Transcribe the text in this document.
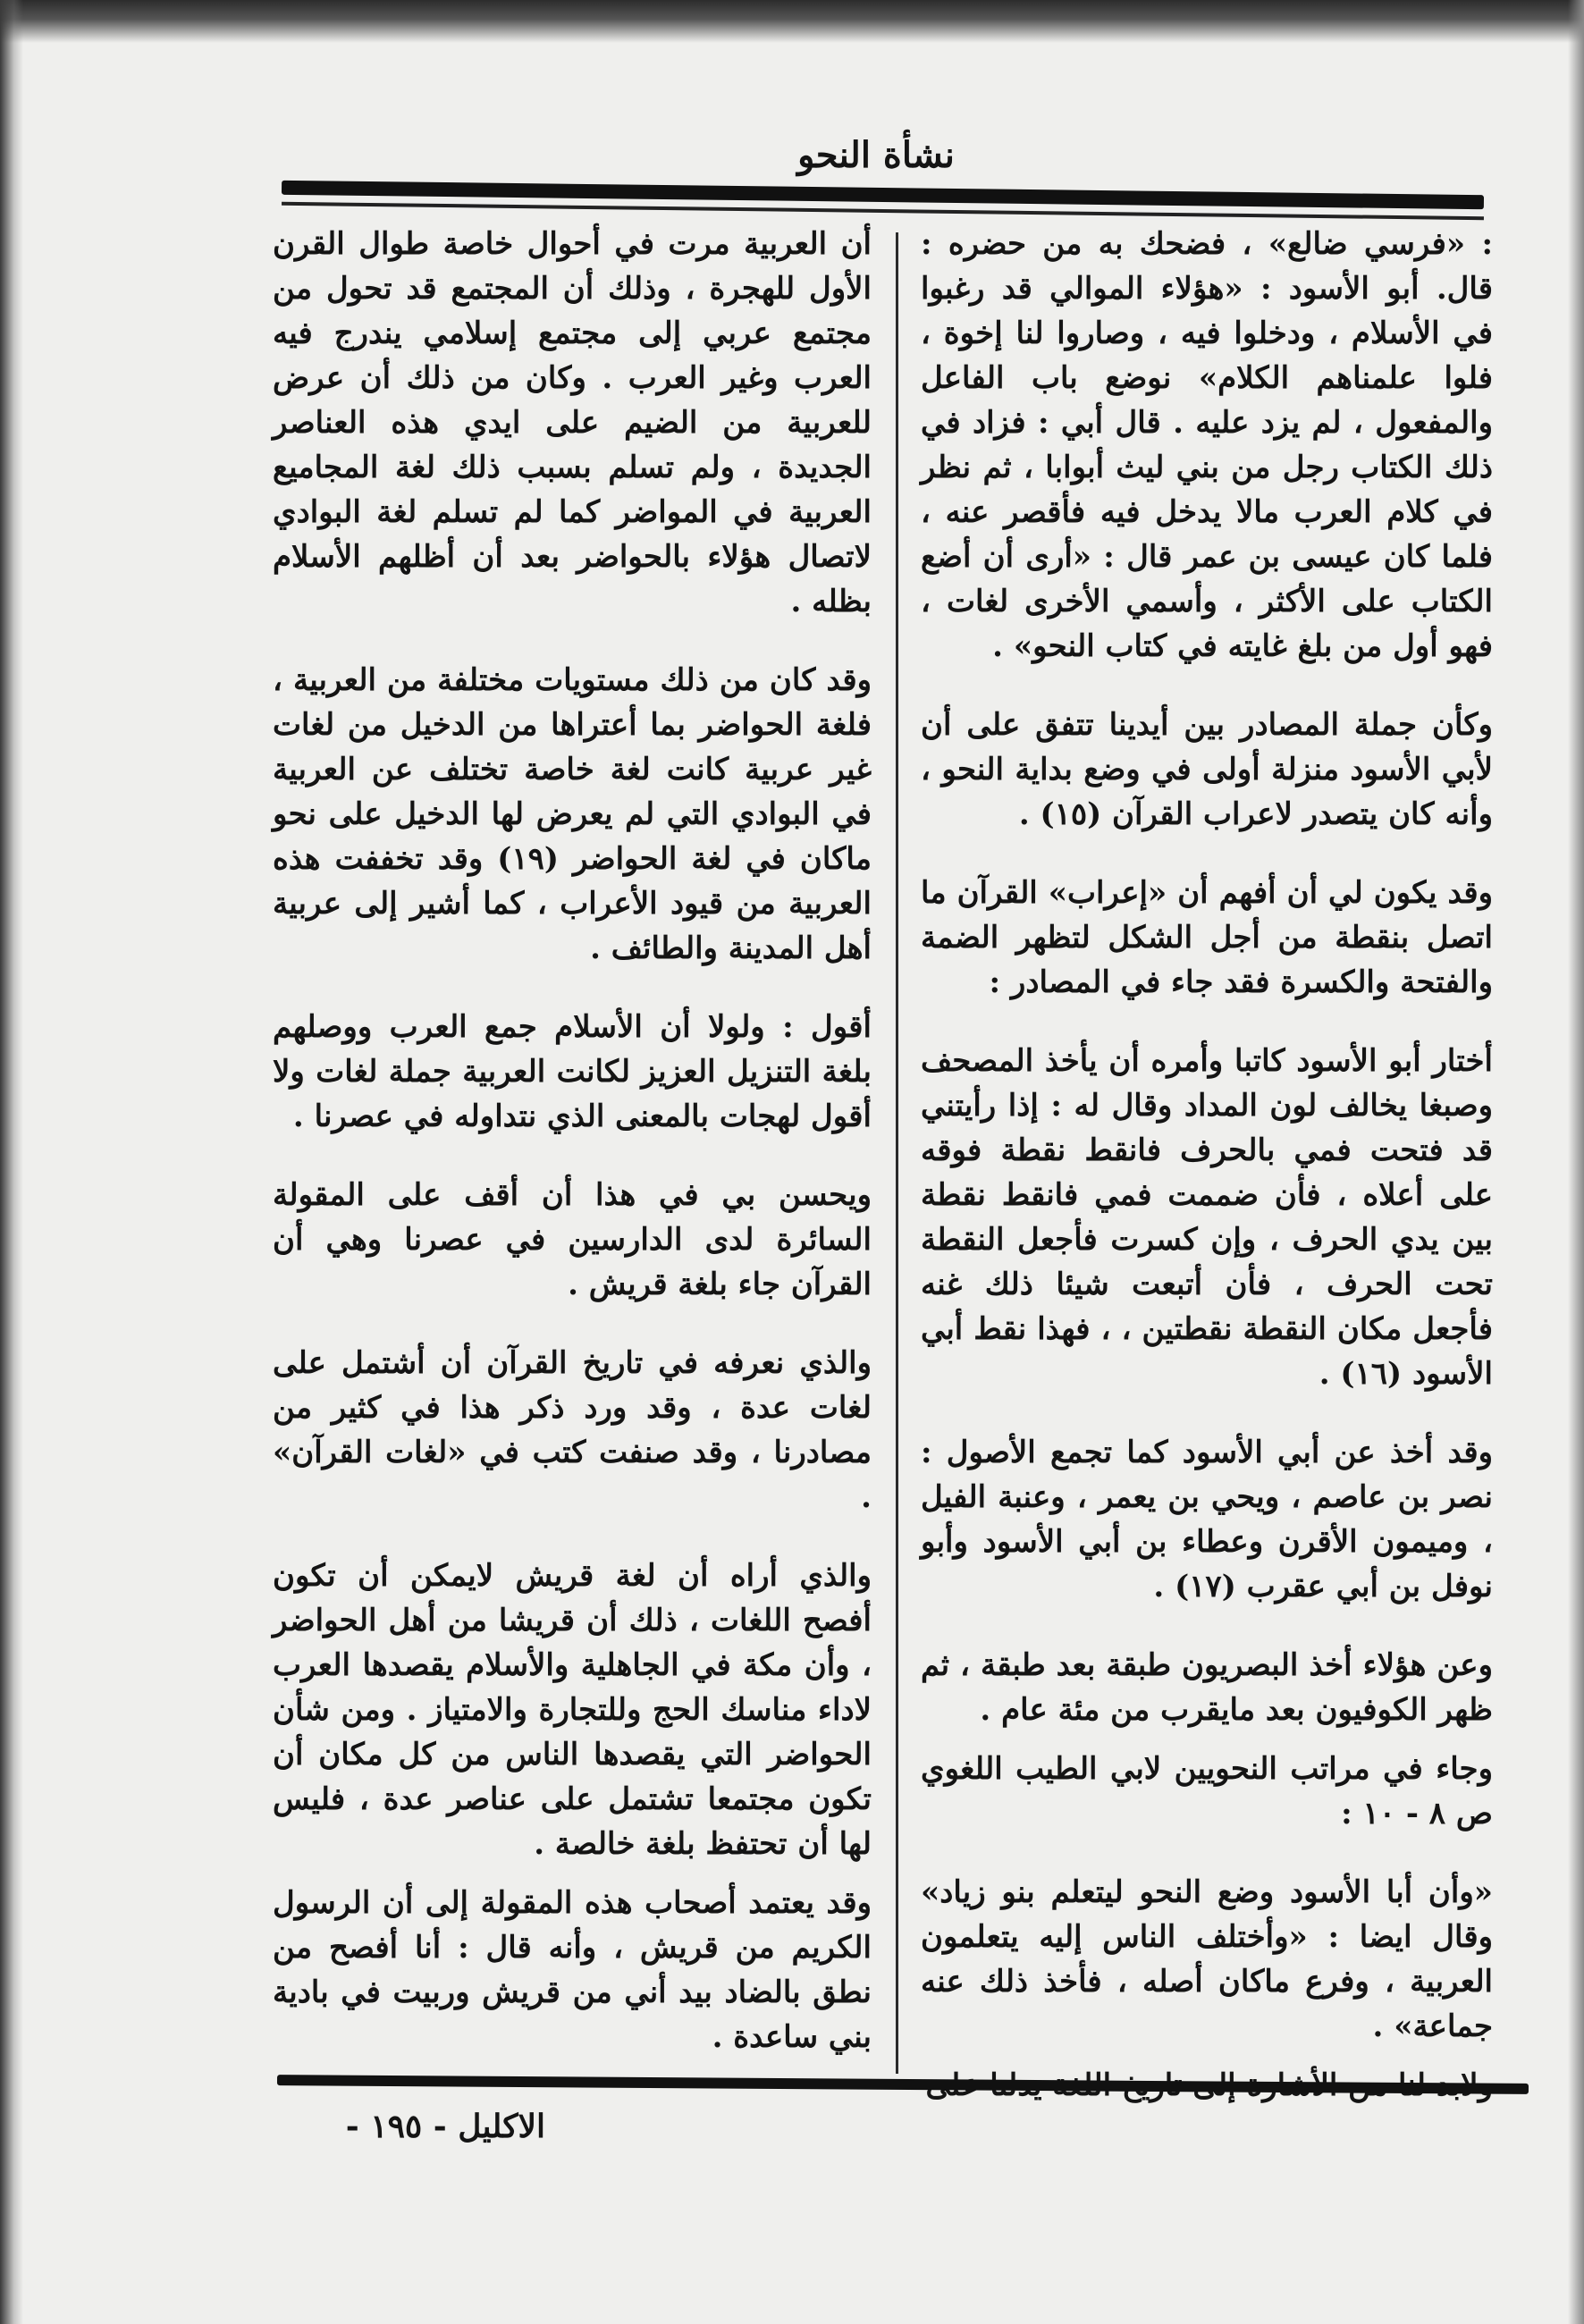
نشأة النحو

: «فرسي ضالع» ، فضحك به من حضره : قال. أبو الأسود : «هؤلاء الموالي قد رغبوا في الأسلام ، ودخلوا فيه ، وصاروا لنا إخوة ، فلوا علمناهم الكلام» نوضع باب الفاعل والمفعول ، لم يزد عليه . قال أبي : فزاد في ذلك الكتاب رجل من بني ليث أبوابا ، ثم نظر في كلام العرب مالا يدخل فيه فأقصر عنه ، فلما كان عيسى بن عمر قال : «أرى أن أضع الكتاب على الأكثر ، وأسمي الأخرى لغات ، فهو أول من بلغ غايته في كتاب النحو» .

وكأن جملة المصادر بين أيدينا تتفق على أن لأبي الأسود منزلة أولى في وضع بداية النحو ، وأنه كان يتصدر لاعراب القرآن (١٥) .

وقد يكون لي أن أفهم أن «إعراب» القرآن ما اتصل بنقطة من أجل الشكل لتظهر الضمة والفتحة والكسرة فقد جاء في المصادر :

أختار أبو الأسود كاتبا وأمره أن يأخذ المصحف وصبغا يخالف لون المداد وقال له : إذا رأيتني قد فتحت فمي بالحرف فانقط نقطة فوقه على أعلاه ، فأن ضممت فمي فانقط نقطة بين يدي الحرف ، وإن كسرت فأجعل النقطة تحت الحرف ، فأن أتبعت شيئا ذلك غنه فأجعل مكان النقطة نقطتين ، ، فهذا نقط أبي الأسود (١٦) .

وقد أخذ عن أبي الأسود كما تجمع الأصول : نصر بن عاصم ، ويحي بن يعمر ، وعنبة الفيل ، وميمون الأقرن وعطاء بن أبي الأسود وأبو نوفل بن أبي عقرب (١٧) .

وعن هؤلاء أخذ البصريون طبقة بعد طبقة ، ثم ظهر الكوفيون بعد مايقرب من مئة عام .

وجاء في مراتب النحويين لابي الطيب اللغوي ص ٨ - ١٠ :

«وأن أبا الأسود وضع النحو ليتعلم بنو زياد» وقال ايضا : «وأختلف الناس إليه يتعلمون العربية ، وفرع ماكان أصله ، فأخذ ذلك عنه جماعة» .

أن العربية مرت في أحوال خاصة طوال القرن الأول للهجرة ، وذلك أن المجتمع قد تحول من مجتمع عربي إلى مجتمع إسلامي يندرج فيه العرب وغير العرب . وكان من ذلك أن عرض للعربية من الضيم على ايدي هذه العناصر الجديدة ، ولم تسلم بسبب ذلك لغة المجاميع العربية في المواضر كما لم تسلم لغة البوادي لاتصال هؤلاء بالحواضر بعد أن أظلهم الأسلام بظله .

وقد كان من ذلك مستويات مختلفة من العربية ، فلغة الحواضر بما أعتراها من الدخيل من لغات غير عربية كانت لغة خاصة تختلف عن العربية في البوادي التي لم يعرض لها الدخيل على نحو ماكان في لغة الحواضر (١٩) وقد تخففت هذه العربية من قيود الأعراب ، كما أشير إلى عربية أهل المدينة والطائف .

أقول : ولولا أن الأسلام جمع العرب ووصلهم بلغة التنزيل العزيز لكانت العربية جملة لغات ولا أقول لهجات بالمعنى الذي نتداوله في عصرنا .

ويحسن بي في هذا أن أقف على المقولة السائرة لدى الدارسين في عصرنا وهي أن القرآن جاء بلغة قريش .

والذي نعرفه في تاريخ القرآن أن أشتمل على لغات عدة ، وقد ورد ذكر هذا في كثير من مصادرنا ، وقد صنفت كتب في «لغات القرآن» .

والذي أراه أن لغة قريش لايمكن أن تكون أفصح اللغات ، ذلك أن قريشا من أهل الحواضر ، وأن مكة في الجاهلية والأسلام يقصدها العرب لاداء مناسك الحج وللتجارة والامتياز . ومن شأن الحواضر التي يقصدها الناس من كل مكان أن تكون مجتمعا تشتمل على عناصر عدة ، فليس لها أن تحتفظ بلغة خالصة .

وقد يعتمد أصحاب هذه المقولة إلى أن الرسول الكريم من قريش ، وأنه قال : أنا أفصح من نطق بالضاد بيد أني من قريش وربيت في بادية بني ساعدة .

الاكليل - ١٩٥ -
